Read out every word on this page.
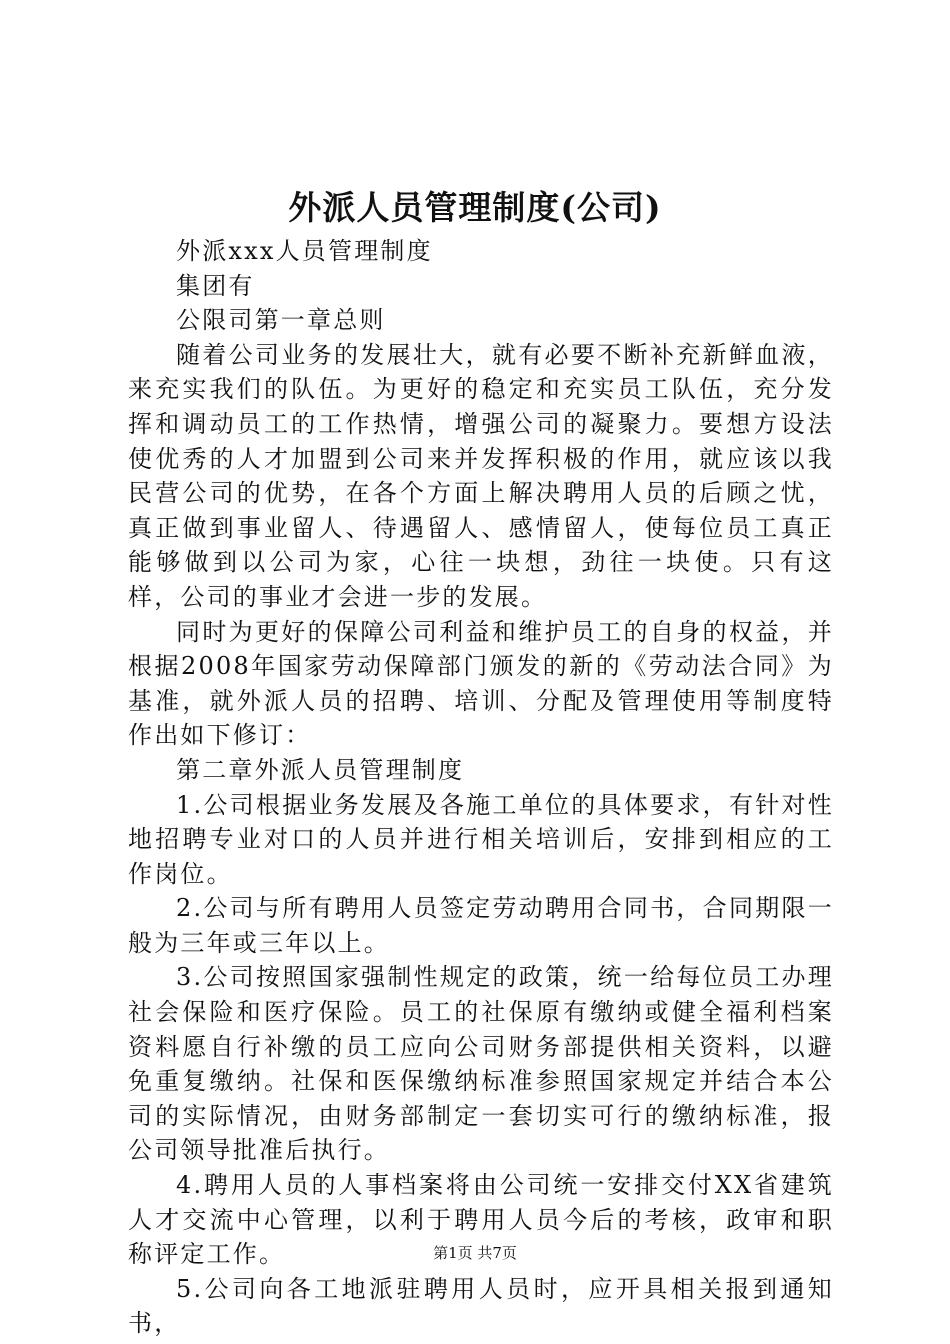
外派人员管理制度(公司)

外派xxx人员管理制度

集团有

公限司第一章总则

随着公司业务的发展壮大，就有必要不断补充新鲜血液，来充实我们的队伍。为更好的稳定和充实员工队伍，充分发挥和调动员工的工作热情，增强公司的凝聚力。要想方设法使优秀的人才加盟到公司来并发挥积极的作用，就应该以我民营公司的优势，在各个方面上解决聘用人员的后顾之忧，真正做到事业留人、待遇留人、感情留人，使每位员工真正能够做到以公司为家，心往一块想，劲往一块使。只有这样，公司的事业才会进一步的发展。

同时为更好的保障公司利益和维护员工的自身的权益，并根据2008年国家劳动保障部门颁发的新的《劳动法合同》为基准，就外派人员的招聘、培训、分配及管理使用等制度特作出如下修订：

第二章外派人员管理制度

1.公司根据业务发展及各施工单位的具体要求，有针对性地招聘专业对口的人员并进行相关培训后，安排到相应的工作岗位。

2.公司与所有聘用人员签定劳动聘用合同书，合同期限一般为三年或三年以上。

3.公司按照国家强制性规定的政策，统一给每位员工办理社会保险和医疗保险。员工的社保原有缴纳或健全福利档案资料愿自行补缴的员工应向公司财务部提供相关资料，以避免重复缴纳。社保和医保缴纳标准参照国家规定并结合本公司的实际情况，由财务部制定一套切实可行的缴纳标准，报公司领导批准后执行。

4.聘用人员的人事档案将由公司统一安排交付XX省建筑人才交流中心管理，以利于聘用人员今后的考核，政审和职称评定工作。

5.公司向各工地派驻聘用人员时，应开具相关报到通知书，

第1页 共7页
